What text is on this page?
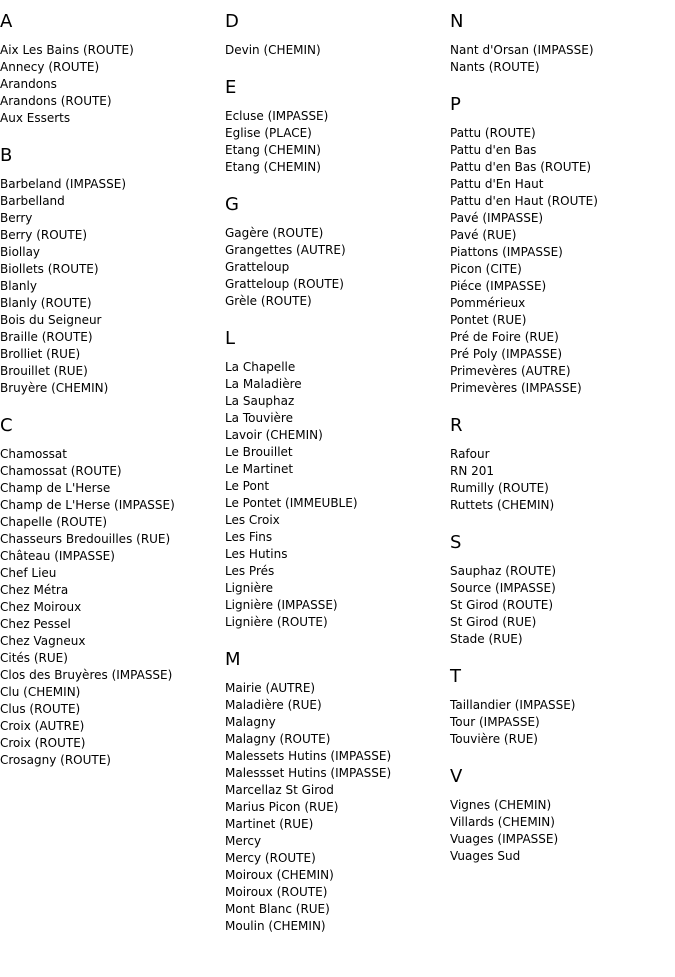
A
Aix Les Bains (ROUTE)
Annecy (ROUTE)
Arandons
Arandons (ROUTE)
Aux Esserts
B
Barbeland (IMPASSE)
Barbelland
Berry
Berry (ROUTE)
Biollay
Biollets (ROUTE)
Blanly
Blanly (ROUTE)
Bois du Seigneur
Braille (ROUTE)
Brolliet (RUE)
Brouillet (RUE)
Bruyère (CHEMIN)
C
Chamossat
Chamossat (ROUTE)
Champ de L'Herse
Champ de L'Herse (IMPASSE)
Chapelle (ROUTE)
Chasseurs Bredouilles (RUE)
Château (IMPASSE)
Chef Lieu
Chez Métra
Chez Moiroux
Chez Pessel
Chez Vagneux
Cités (RUE)
Clos des Bruyères (IMPASSE)
Clu (CHEMIN)
Clus (ROUTE)
Croix (AUTRE)
Croix (ROUTE)
Crosagny (ROUTE)
D
Devin (CHEMIN)
E
Ecluse (IMPASSE)
Eglise (PLACE)
Etang (CHEMIN)
Etang (CHEMIN)
G
Gagère (ROUTE)
Grangettes (AUTRE)
Gratteloup
Gratteloup (ROUTE)
Grèle (ROUTE)
L
La Chapelle
La Maladière
La Sauphaz
La Touvière
Lavoir (CHEMIN)
Le Brouillet
Le Martinet
Le Pont
Le Pontet (IMMEUBLE)
Les Croix
Les Fins
Les Hutins
Les Prés
Lignière
Lignière (IMPASSE)
Lignière (ROUTE)
M
Mairie (AUTRE)
Maladière (RUE)
Malagny
Malagny (ROUTE)
Malessets Hutins (IMPASSE)
Malessset Hutins (IMPASSE)
Marcellaz St Girod
Marius Picon (RUE)
Martinet (RUE)
Mercy
Mercy (ROUTE)
Moiroux (CHEMIN)
Moiroux (ROUTE)
Mont Blanc (RUE)
Moulin (CHEMIN)
N
Nant d'Orsan (IMPASSE)
Nants (ROUTE)
P
Pattu (ROUTE)
Pattu d'en Bas
Pattu d'en Bas (ROUTE)
Pattu d'En Haut
Pattu d'en Haut (ROUTE)
Pavé (IMPASSE)
Pavé (RUE)
Piattons (IMPASSE)
Picon (CITE)
Piéce (IMPASSE)
Pommérieux
Pontet (RUE)
Pré de Foire (RUE)
Pré Poly (IMPASSE)
Primevères (AUTRE)
Primevères (IMPASSE)
R
Rafour
RN 201
Rumilly (ROUTE)
Ruttets (CHEMIN)
S
Sauphaz (ROUTE)
Source (IMPASSE)
St Girod (ROUTE)
St Girod (RUE)
Stade (RUE)
T
Taillandier (IMPASSE)
Tour (IMPASSE)
Touvière (RUE)
V
Vignes (CHEMIN)
Villards (CHEMIN)
Vuages (IMPASSE)
Vuages Sud
